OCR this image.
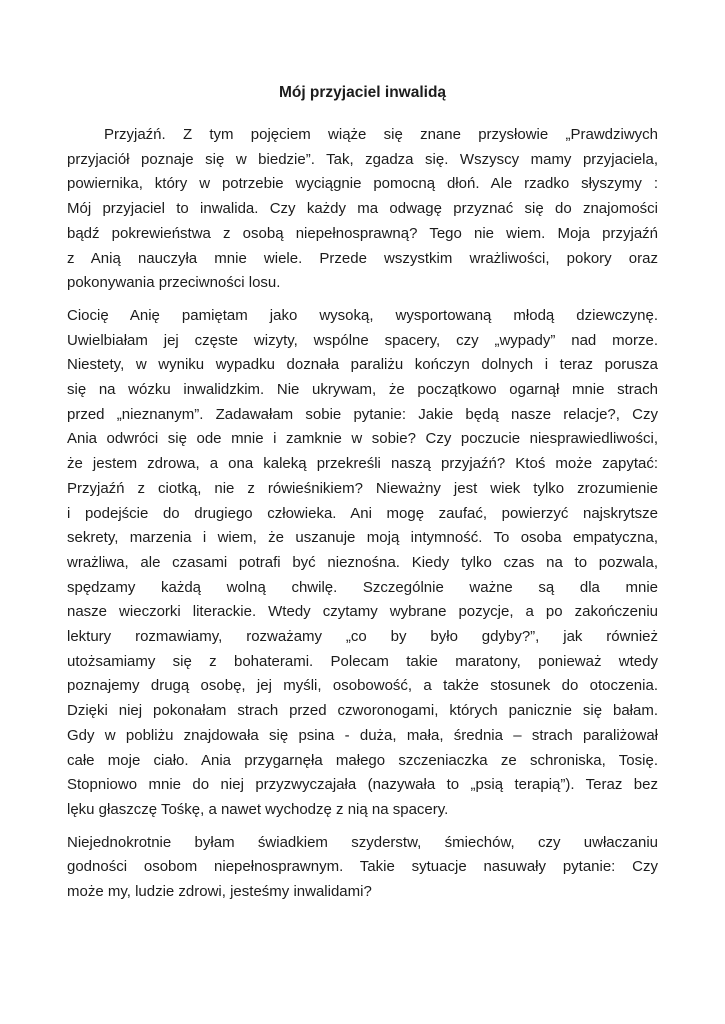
Mój przyjaciel inwalidą
Przyjaźń. Z tym pojęciem wiąże się znane przysłowie „Prawdziwych
przyjaciół poznaje się w biedzie”. Tak, zgadza się. Wszyscy mamy przyjaciela,
powiernika, który w potrzebie wyciągnie pomocną dłoń. Ale rzadko słyszymy :
Mój przyjaciel to inwalida. Czy każdy ma odwagę przyznać się do znajomości
bądź pokrewieństwa z osobą niepełnosprawną? Tego nie wiem. Moja przyjaźń
z Anią nauczyła mnie wiele. Przede wszystkim wrażliwości, pokory oraz
pokonywania przeciwności losu.
Ciocię Anię pamiętam jako wysoką, wysportowaną młodą dziewczynę.
Uwielbiałam jej częste wizyty, wspólne spacery, czy „wypady” nad morze.
Niestety, w wyniku wypadku doznała paraliżu kończyn dolnych i teraz porusza
się na wózku inwalidzkim. Nie ukrywam, że początkowo ogarnął mnie strach
przed „nieznanym”. Zadawałam sobie pytanie: Jakie będą nasze relacje?, Czy
Ania odwróci się ode mnie i zamknie w sobie? Czy poczucie niesprawiedliwości,
że jestem zdrowa, a ona kaleką przekreśli naszą przyjaźń? Ktoś może zapytać:
Przyjaźń z ciotką, nie z rówieśnikiem? Nieważny jest wiek tylko zrozumienie
i podejście do drugiego człowieka. Ani mogę zaufać, powierzyć najskrytsze
sekrety, marzenia i wiem, że uszanuje moją intymność. To osoba empatyczna,
wrażliwa, ale czasami potrafi być nieznośna. Kiedy tylko czas na to pozwala,
spędzamy każdą wolną chwilę. Szczególnie ważne są dla mnie
nasze wieczorki literackie. Wtedy czytamy wybrane pozycje, a po zakończeniu
lektury rozmawiamy, rozważamy „co by było gdyby?”, jak również
utożsamiamy się z bohaterami. Polecam takie maratony, ponieważ wtedy
poznajemy drugą osobę, jej myśli, osobowość, a także stosunek do otoczenia.
Dzięki niej pokonałam strach przed czworonogami, których panicznie się bałam.
Gdy w pobliżu znajdowała się psina - duża, mała, średnia – strach paraliżował
całe moje ciało. Ania przygarnęła małego szczeniaczka ze schroniska, Tosię.
Stopniowo mnie do niej przyzwyczajała (nazywała to „psią terapią”). Teraz bez
lęku głaszczę Tośkę, a nawet wychodzę z nią na spacery.
Niejednokrotnie byłam świadkiem szyderstw, śmiechów, czy uwłaczaniu
godności osobom niepełnosprawnym. Takie sytuacje nasuwały pytanie: Czy
może my, ludzie zdrowi, jesteśmy inwalidami?
